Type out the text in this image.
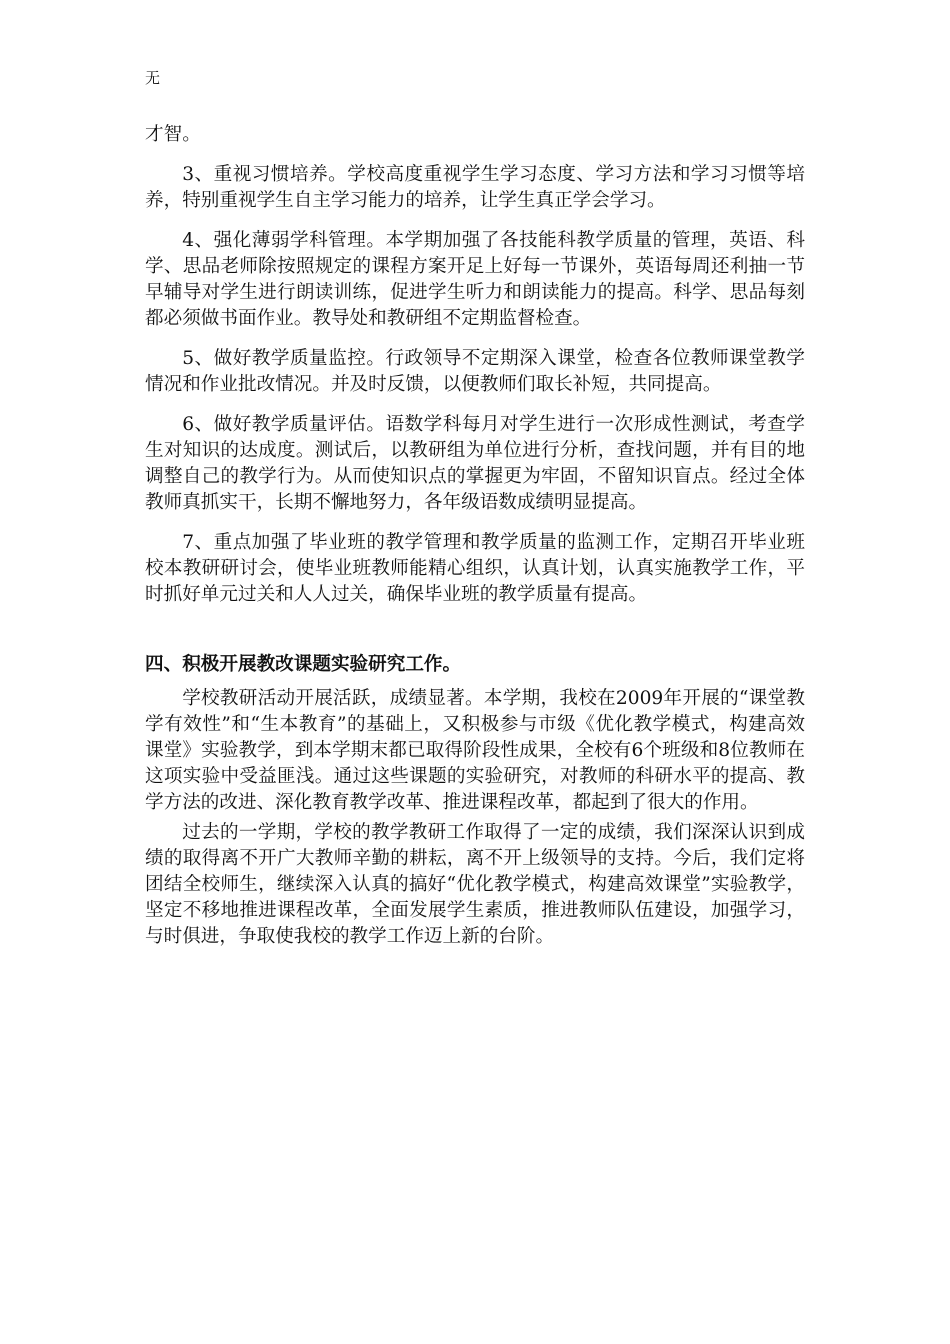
无

才智。

3、重视习惯培养。学校高度重视学生学习态度、学习方法和学习习惯等培养，特别重视学生自主学习能力的培养，让学生真正学会学习。

4、强化薄弱学科管理。本学期加强了各技能科教学质量的管理，英语、科学、思品老师除按照规定的课程方案开足上好每一节课外，英语每周还利抽一节早辅导对学生进行朗读训练，促进学生听力和朗读能力的提高。科学、思品每刻都必须做书面作业。教导处和教研组不定期监督检查。

5、做好教学质量监控。行政领导不定期深入课堂，检查各位教师课堂教学情况和作业批改情况。并及时反馈，以便教师们取长补短，共同提高。

6、做好教学质量评估。语数学科每月对学生进行一次形成性测试，考查学生对知识的达成度。测试后，以教研组为单位进行分析，查找问题，并有目的地调整自己的教学行为。从而使知识点的掌握更为牢固，不留知识盲点。经过全体教师真抓实干，长期不懈地努力，各年级语数成绩明显提高。

7、重点加强了毕业班的教学管理和教学质量的监测工作，定期召开毕业班校本教研研讨会，使毕业班教师能精心组织，认真计划，认真实施教学工作，平时抓好单元过关和人人过关，确保毕业班的教学质量有提高。

四、积极开展教改课题实验研究工作。

学校教研活动开展活跃，成绩显著。本学期，我校在2009年开展的“课堂教学有效性”和“生本教育”的基础上，又积极参与市级《优化教学模式，构建高效课堂》实验教学，到本学期末都已取得阶段性成果，全校有6个班级和8位教师在这项实验中受益匪浅。通过这些课题的实验研究，对教师的科研水平的提高、教学方法的改进、深化教育教学改革、推进课程改革，都起到了很大的作用。

过去的一学期，学校的教学教研工作取得了一定的成绩，我们深深认识到成绩的取得离不开广大教师辛勤的耕耘，离不开上级领导的支持。今后，我们定将团结全校师生，继续深入认真的搞好“优化教学模式，构建高效课堂”实验教学，坚定不移地推进课程改革，全面发展学生素质，推进教师队伍建设，加强学习，与时俱进，争取使我校的教学工作迈上新的台阶。
